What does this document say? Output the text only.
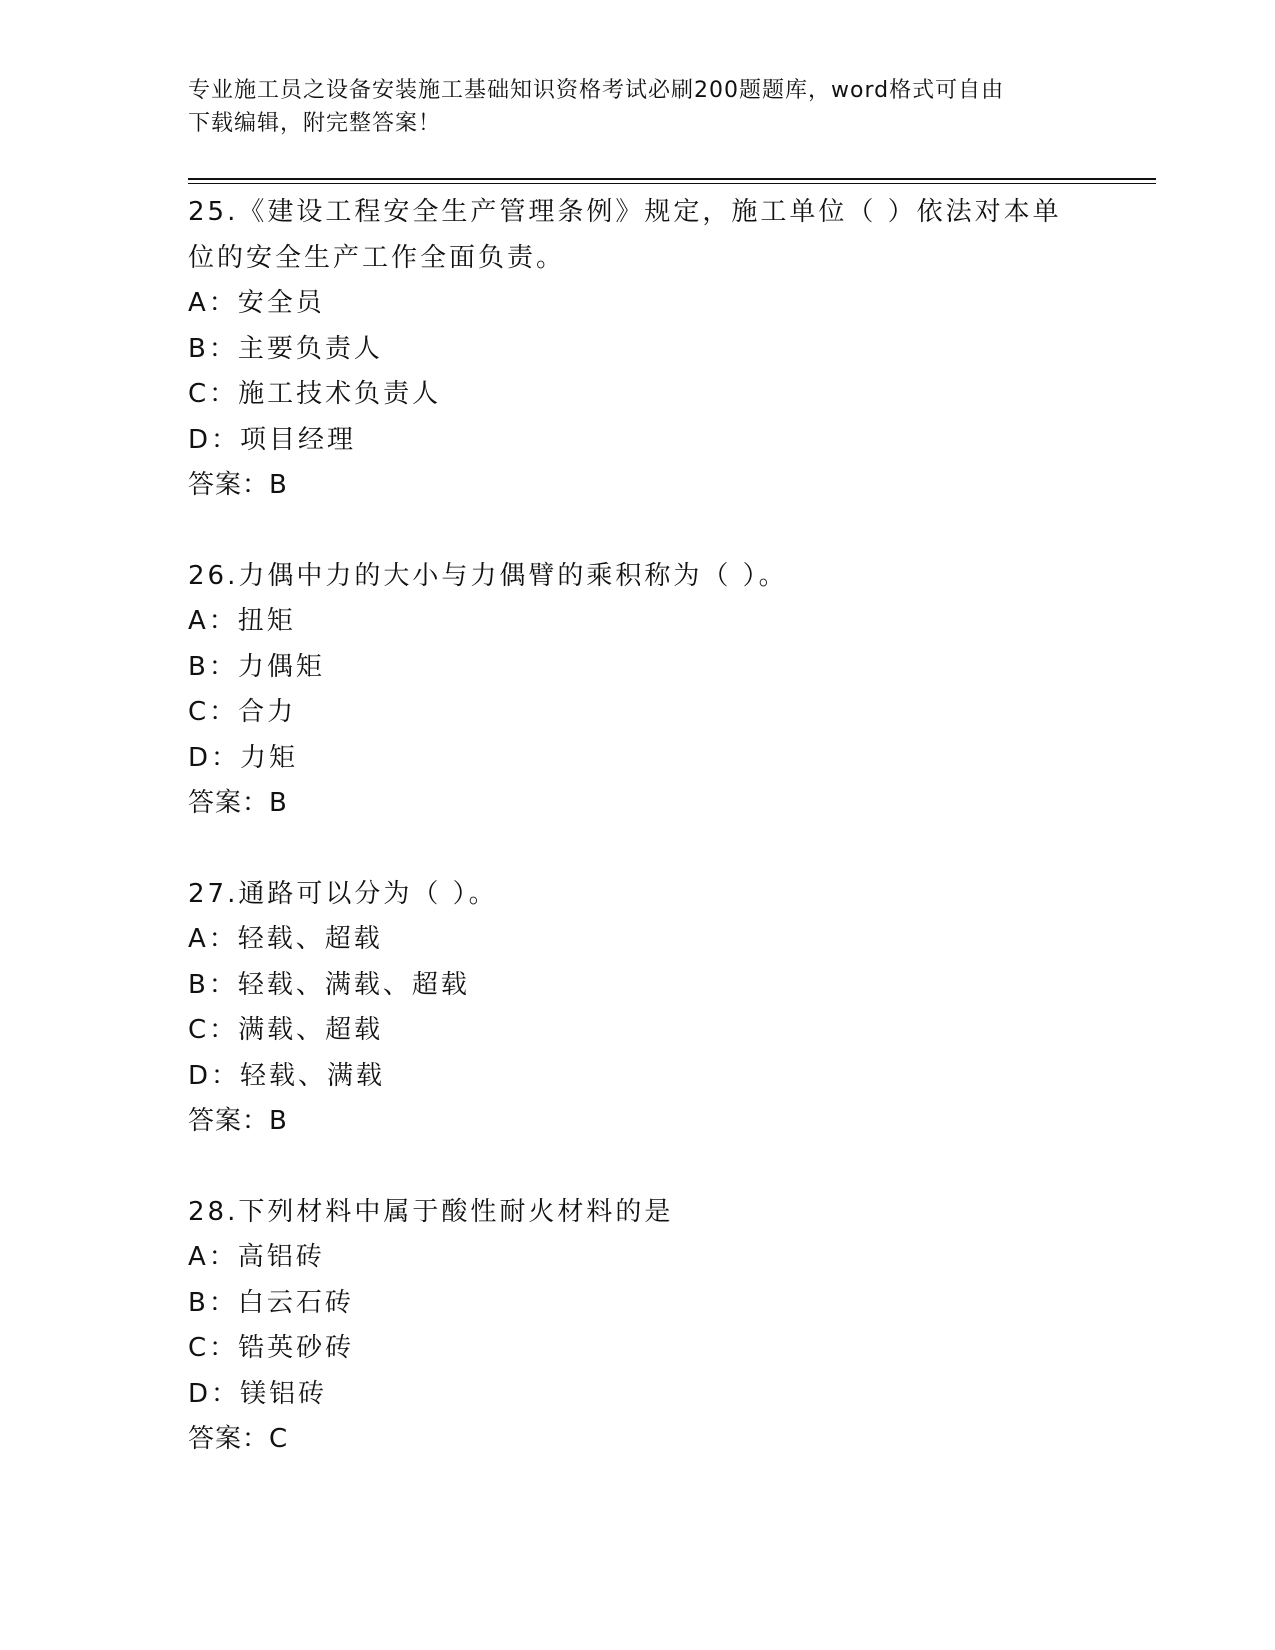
专业施工员之设备安装施工基础知识资格考试必刷200题题库，word格式可自由
下载编辑，附完整答案！
25.《建设工程安全生产管理条例》规定，施工单位（ ）依法对本单
位的安全生产工作全面负责。
A：安全员
B：主要负责人
C：施工技术负责人
D：项目经理
答案：B
26.力偶中力的大小与力偶臂的乘积称为（ ）。
A：扭矩
B：力偶矩
C：合力
D：力矩
答案：B
27.通路可以分为（ ）。
A：轻载、超载
B：轻载、满载、超载
C：满载、超载
D：轻载、满载
答案：B
28.下列材料中属于酸性耐火材料的是
A：高铝砖
B：白云石砖
C：锆英砂砖
D：镁铝砖
答案：C
